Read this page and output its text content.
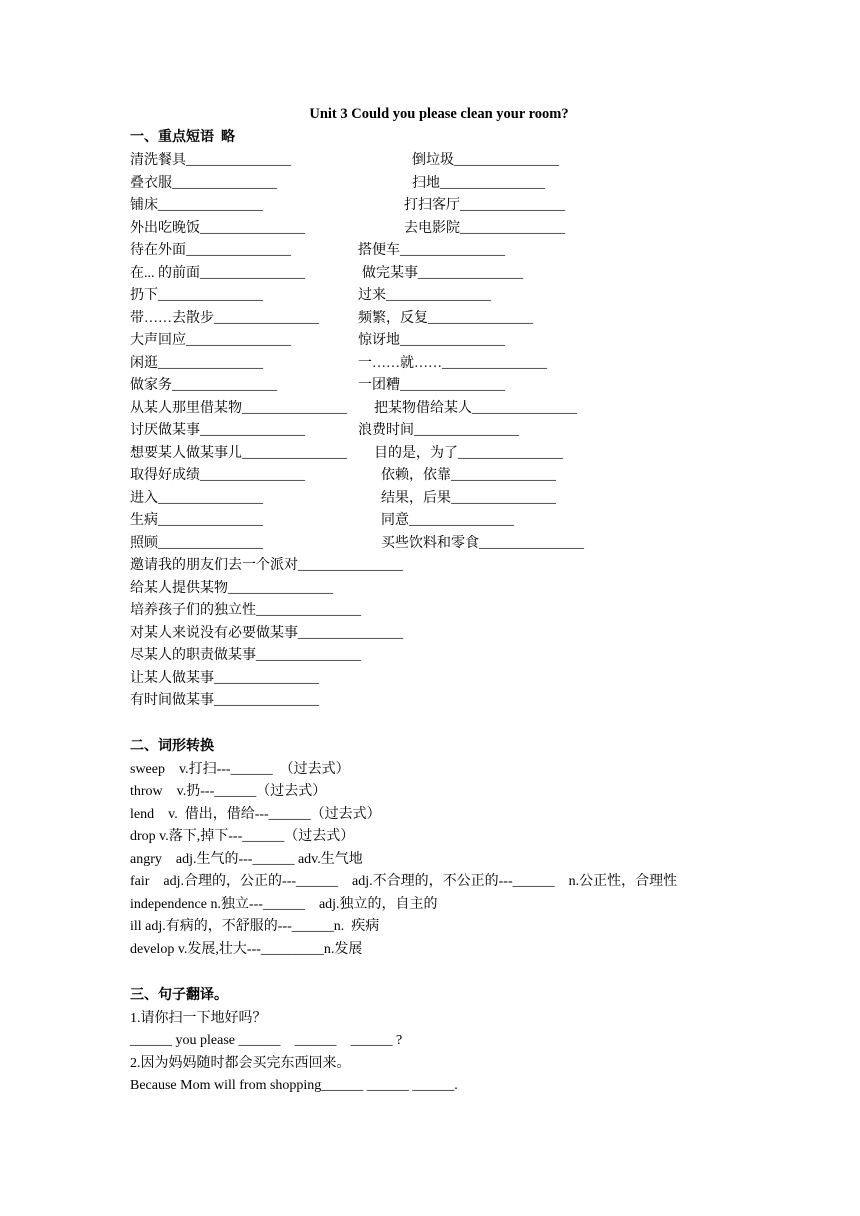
Unit 3 Could you please clean your room?
一、重点短语  略
清洗餐具_______________	倒垃圾_______________
叠衣服_______________	扫地_______________
铺床_______________	打扫客厅_______________
外出吃晚饭_______________	去电影院_______________
待在外面_______________	搭便车_______________
在... 的前面_______________	做完某事_______________
扔下_______________	过来_______________
带……去散步_______________	频繁，反复_______________
大声回应_______________	惊讶地_______________
闲逛_______________	一……就……_______________
做家务_______________	一团糟_______________
从某人那里借某物_______________ 把某物借给某人_______________
讨厌做某事_______________	浪费时间_______________
想要某人做某事儿_______________ 目的是，为了_______________
取得好成绩_______________	依赖，依靠_______________
进入_______________	结果，后果_______________
生病_______________	同意_______________
照顾_______________	买些饮料和零食_______________
邀请我的朋友们去一个派对_______________
给某人提供某物_______________
培养孩子们的独立性_______________
对某人来说没有必要做某事_______________
尽某人的职责做某事_______________
让某人做某事_______________
有时间做某事_______________
二、词形转换
sweep    v.打扫---______  （过去式）
throw    v.扔---______（过去式）
lend    v.  借出，借给---______（过去式）
drop v.落下,掉下---______（过去式）
angry    adj.生气的---______ adv.生气地
fair    adj.合理的，公正的---______    adj.不合理的，不公正的---______    n.公正性，合理性
independence n.独立---______    adj.独立的，自主的
ill adj.有病的，不舒服的---______n.  疾病
develop v.发展,壮大---_________n.发展
三、句子翻译。
1.请你扫一下地好吗？
______ you please ______    ______    ______ ?
2.因为妈妈随时都会买完东西回来。
Because Mom will from shopping______ ______ ______.
